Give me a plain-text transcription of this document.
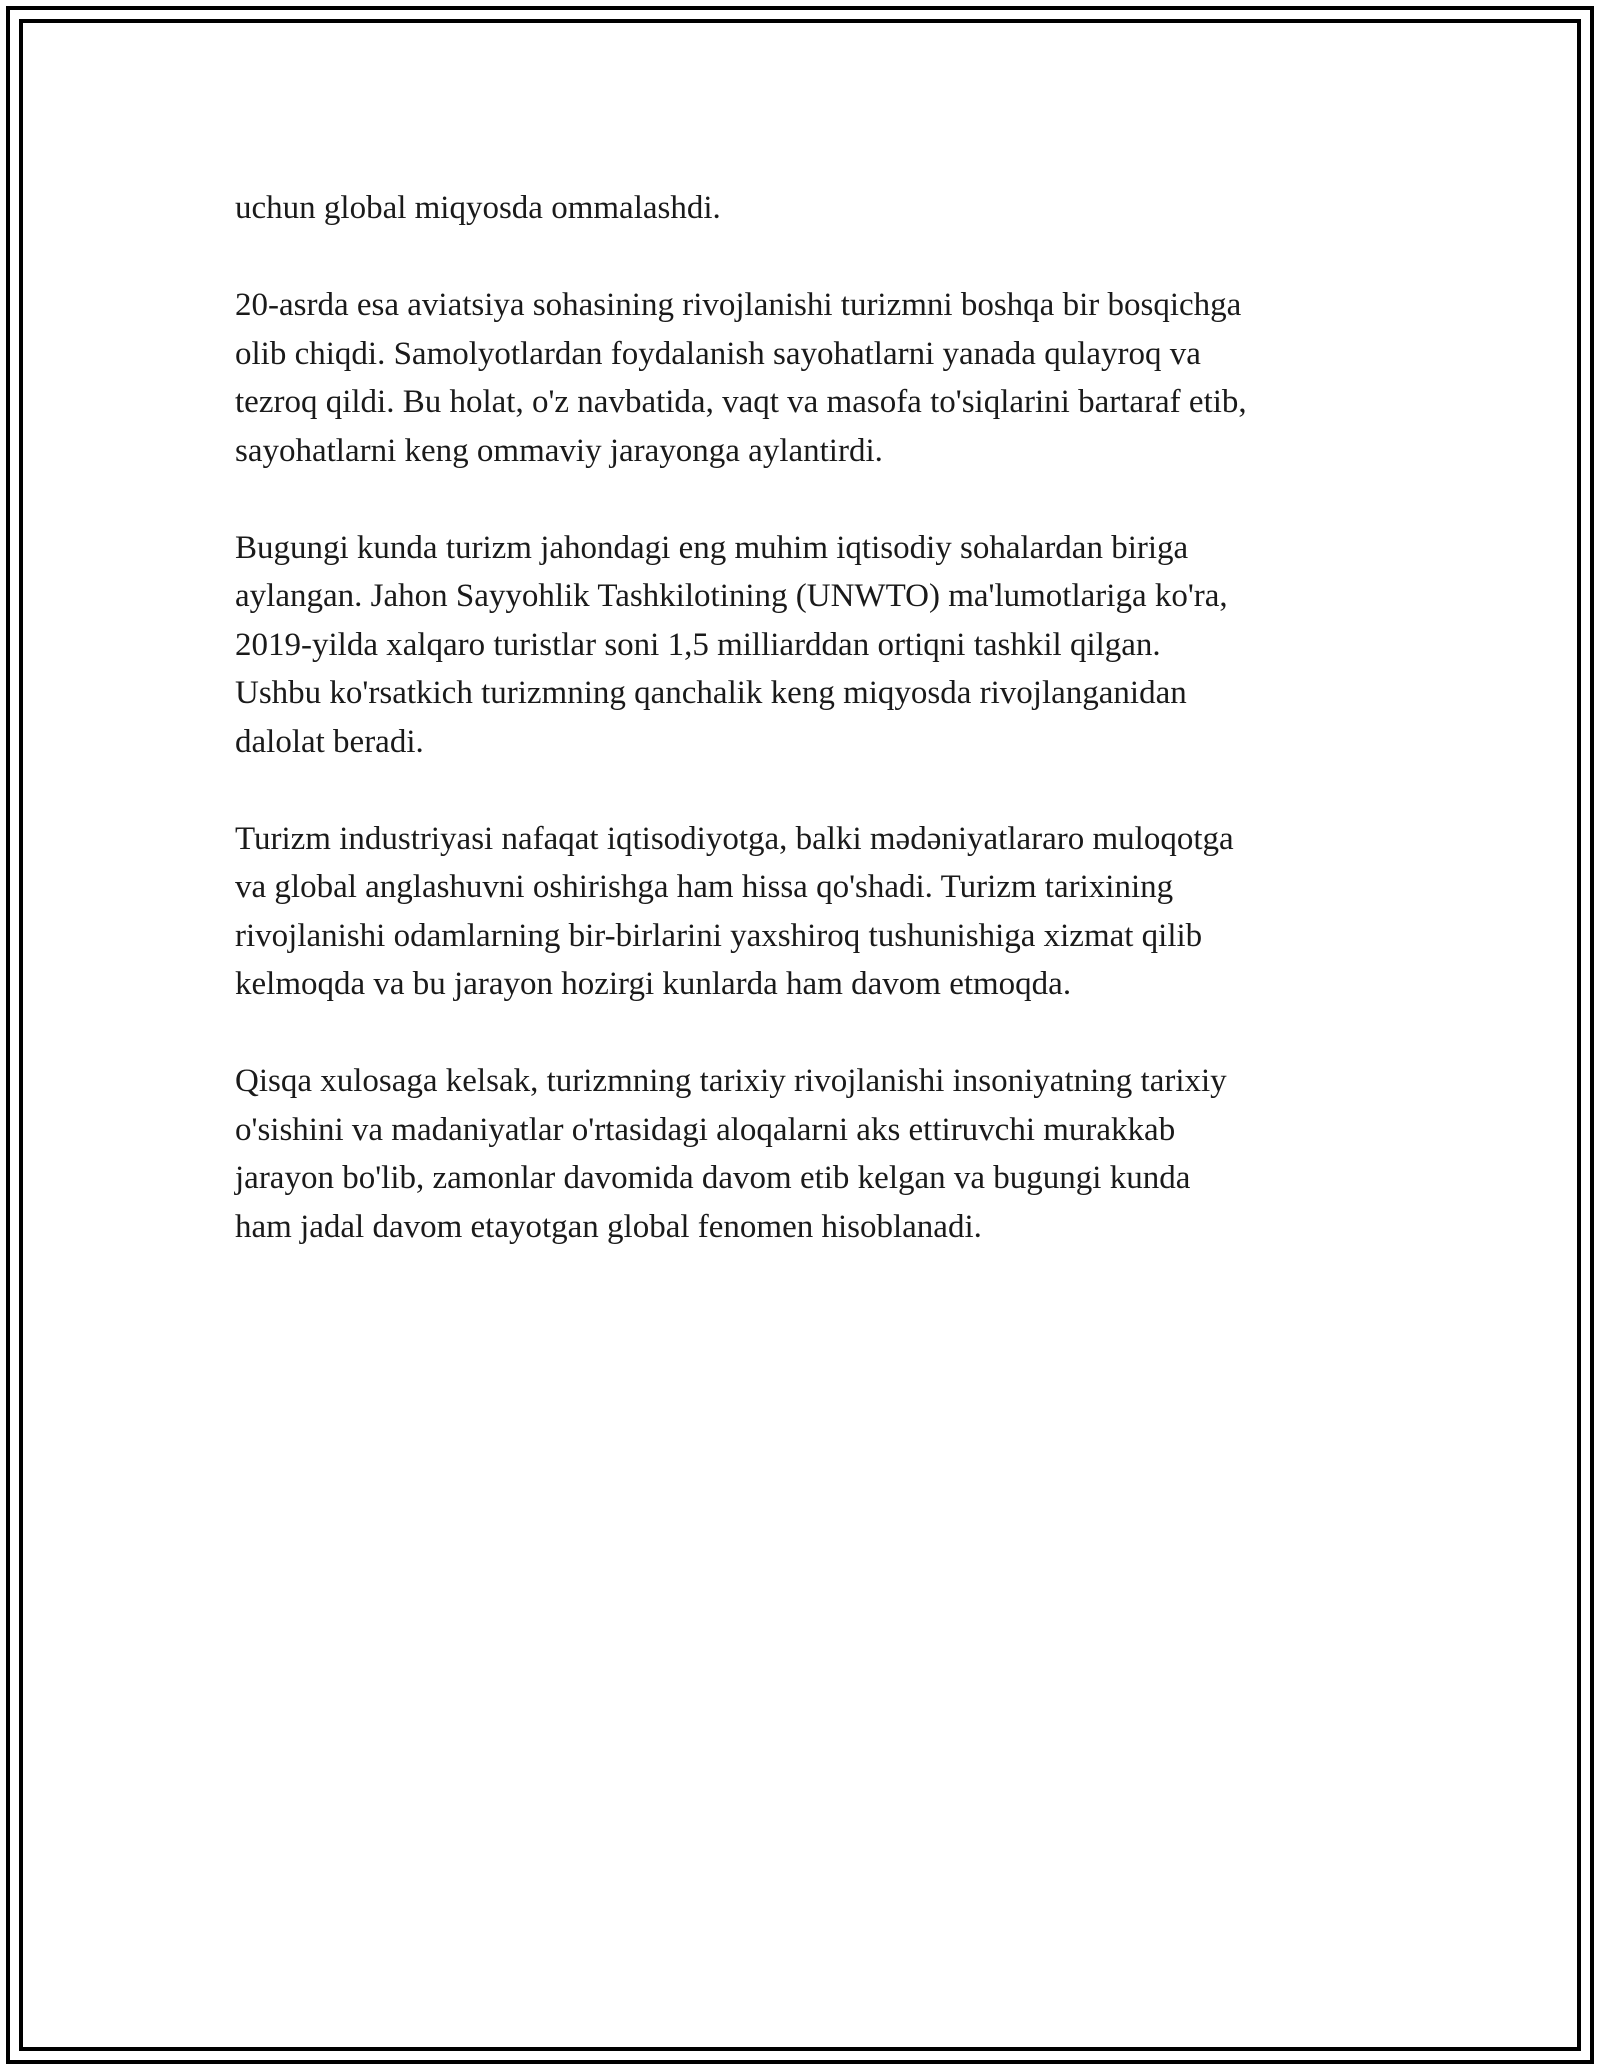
uchun global miqyosda ommalashdi.

20-asrda esa aviatsiya sohasining rivojlanishi turizmni boshqa bir bosqichga
olib chiqdi. Samolyotlardan foydalanish sayohatlarni yanada qulayroq va
tezroq qildi. Bu holat, o'z navbatida, vaqt va masofa to'siqlarini bartaraf etib,
sayohatlarni keng ommaviy jarayonga aylantirdi.

Bugungi kunda turizm jahondagi eng muhim iqtisodiy sohalardan biriga
aylangan. Jahon Sayyohlik Tashkilotining (UNWTO) ma'lumotlariga ko'ra,
2019-yilda xalqaro turistlar soni 1,5 milliarddan ortiqni tashkil qilgan.
Ushbu ko'rsatkich turizmning qanchalik keng miqyosda rivojlanganidan
dalolat beradi.

Turizm industriyasi nafaqat iqtisodiyotga, balki mədəniyatlararo muloqotga
va global anglashuvni oshirishga ham hissa qo'shadi. Turizm tarixining
rivojlanishi odamlarning bir-birlarini yaxshiroq tushunishiga xizmat qilib
kelmoqda va bu jarayon hozirgi kunlarda ham davom etmoqda.

Qisqa xulosaga kelsak, turizmning tarixiy rivojlanishi insoniyatning tarixiy
o'sishini va madaniyatlar o'rtasidagi aloqalarni aks ettiruvchi murakkab
jarayon bo'lib, zamonlar davomida davom etib kelgan va bugungi kunda
ham jadal davom etayotgan global fenomen hisoblanadi.
